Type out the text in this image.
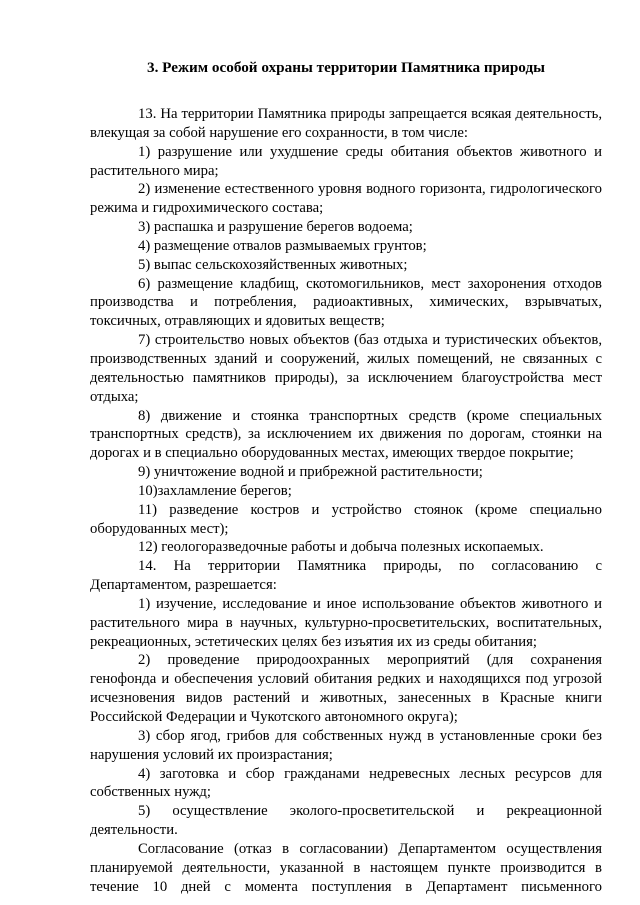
3. Режим особой охраны территории Памятника природы

13. На территории Памятника природы запрещается всякая деятельность, влекущая за собой нарушение его сохранности, в том числе:

1) разрушение или ухудшение среды обитания объектов животного и растительного мира;

2) изменение естественного уровня водного горизонта, гидрологического режима и гидрохимического состава;

3) распашка и разрушение берегов водоема;

4) размещение отвалов размываемых грунтов;

5) выпас сельскохозяйственных животных;

6) размещение кладбищ, скотомогильников, мест захоронения отходов производства и потребления, радиоактивных, химических, взрывчатых, токсичных, отравляющих и ядовитых веществ;

7) строительство новых объектов (баз отдыха и туристических объектов, производственных зданий и сооружений, жилых помещений, не связанных с деятельностью памятников природы), за исключением благоустройства мест отдыха;

8) движение и стоянка транспортных средств (кроме специальных транспортных средств), за исключением их движения по дорогам, стоянки на дорогах и в специально оборудованных местах, имеющих твердое покрытие;

9) уничтожение водной и прибрежной растительности;

10)захламление берегов;

11) разведение костров и устройство стоянок (кроме специально оборудованных мест);

12) геологоразведочные работы и добыча полезных ископаемых.

14. На территории Памятника природы, по согласованию с Департаментом, разрешается:

1) изучение, исследование и иное использование объектов животного и растительного мира в научных, культурно-просветительских, воспитательных, рекреационных, эстетических целях без изъятия их из среды обитания;

2) проведение природоохранных мероприятий (для сохранения генофонда и обеспечения условий обитания редких и находящихся под угрозой исчезновения видов растений и животных, занесенных в Красные книги Российской Федерации и Чукотского автономного округа);

3) сбор ягод, грибов для собственных нужд в установленные сроки без нарушения условий их произрастания;

4) заготовка и сбор гражданами недревесных лесных ресурсов для собственных нужд;

5) осуществление эколого-просветительской и рекреационной деятельности.

Согласование (отказ в согласовании) Департаментом осуществления планируемой деятельности, указанной в настоящем пункте производится в течение 10 дней с момента поступления в Департамент письменного
